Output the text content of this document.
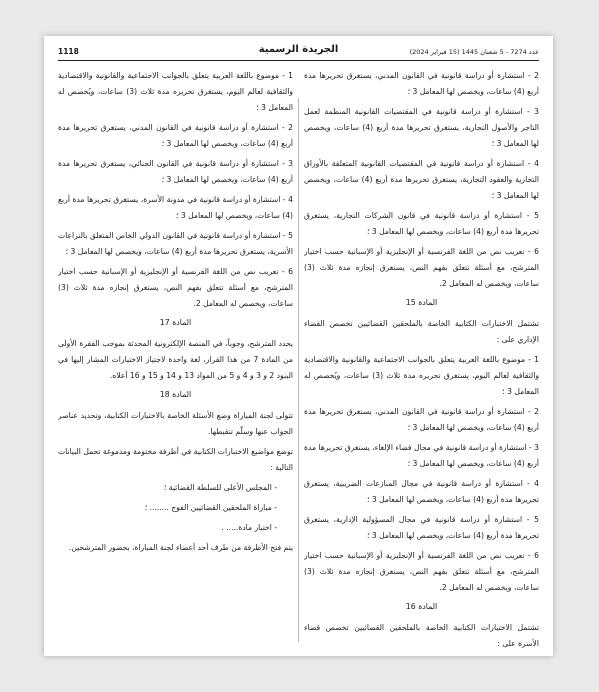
1118	الجريدة الرسمية	عدد 7274 - 5 شعبان 1445 (15 فبراير 2024)
2 - استشارة أو دراسة قانونية في القانون المدني، يستغرق تحريرها مدة أربع (4) ساعات، ويخصص لها المعامل 3 ؛
3 - استشارة أو دراسة قانونية في المقتضيات القانونية المنظمة لعمل التاجر والأصول التجارية، يستغرق تحريرها مدة أربع (4) ساعات، ويخصص لها المعامل 3 ؛
4 - استشارة أو دراسة قانونية في المقتضيات القانونية المتعلقة بالأوراق التجارية والعقود التجارية، يستغرق تحريرها مدة أربع (4) ساعات، ويخصص لها المعامل 3 ؛
5 - استشارة أو دراسة قانونية في قانون الشركات التجارية، يستغرق تحريرها مدة أربع (4) ساعات، ويخصص لها المعامل 3 ؛
6 - تعريب نص من اللغة الفرنسية أو الإنجليزية أو الإسبانية حسب اختيار المترشح، مع أسئلة تتعلق بفهم النص، يستغرق إنجازه مدة ثلاث (3) ساعات، ويخصص له المعامل 2.
المادة 15
تشتمل الاختبارات الكتابية الخاصة بالملحقين القضائيين تخصص القضاء الإداري على :
1 - موضوع باللغة العربية يتعلق بالجوانب الاجتماعية والقانونية والاقتصادية والثقافية لعالم اليوم، يستغرق تحريره مدة ثلاث (3) ساعات، ويُخصص له المعامل 3 ؛
2 - استشارة أو دراسة قانونية في القانون المدني، يستغرق تحريرها مدة أربع (4) ساعات، ويخصص لها المعامل 3 ؛
3 - استشارة أو دراسة قانونية في مجال قضاء الإلغاء، يستغرق تحريرها مدة أربع (4) ساعات، ويخصص لها المعامل 3 ؛
4 - استشارة أو دراسة قانونية في مجال المنازعات الضريبية، يستغرق تحريرها مدة أربع (4) ساعات، ويخصص لها المعامل 3 ؛
5 - استشارة أو دراسة قانونية في مجال المسؤولية الإدارية، يستغرق تحريرها مدة أربع (4) ساعات، ويخصص لها المعامل 3 ؛
6 - تعريب نص من اللغة الفرنسية أو الإنجليزية أو الإسبانية حسب اختيار المترشح، مع أسئلة تتعلق بفهم النص، يستغرق إنجازه مدة ثلاث (3) ساعات، ويخصص له المعامل 2.
المادة 16
تشتمل الاختبارات الكتابية الخاصة بالملحقين القضائيين تخصص قضاء الأسرة على :
1 - موضوع باللغة العربية يتعلق بالجوانب الاجتماعية والقانونية والاقتصادية والثقافية لعالم اليوم، يستغرق تحريره مدة ثلاث (3) ساعات، ويُخصص له المعامل 3 ؛
2 - استشارة أو دراسة قانونية في القانون المدني، يستغرق تحريرها مدة أربع (4) ساعات، ويخصص لها المعامل 3 ؛
3 - استشارة أو دراسة قانونية في القانون الجنائي، يستغرق تحريرها مدة أربع (4) ساعات، ويخصص لها المعامل 3 ؛
4 - استشارة أو دراسة قانونية في مدونة الأسرة، يستغرق تحريرها مدة أربع (4) ساعات، ويخصص لها المعامل 3 ؛
5 - استشارة أو دراسة قانونية في القانون الدولي الخاص المتعلق بالنزاعات الأسرية، يستغرق تحريرها مدة أربع (4) ساعات، ويخصص لها المعامل 3 ؛
6 - تعريب نص من اللغة الفرنسية أو الإنجليزية أو الإسبانية حسب اختيار المترشح، مع أسئلة تتعلق بفهم النص، يستغرق إنجازه مدة ثلاث (3) ساعات، ويخصص له المعامل 2.
المادة 17
يحدد المترشح، وجوباً، في المنصة الإلكترونية المحدثة بموجب الفقرة الأولى من المادة 7 من هذا القرار، لغة واحدة لاجتياز الاختبارات المشار إليها في البنود 2 و 3 و 4 و 5 من المواد 13 و 14 و 15 و 16 أعلاه.
المادة 18
تتولى لجنة المباراة وضع الأسئلة الخاصة بالاختبارات الكتابية، وتحديد عناصر الجواب عنها وسلّم تنقيطها.
توضع مواضيع الاختبارات الكتابية في أظرفة مختومة ومدموغة تحمل البيانات التالية :
- المجلس الأعلى للسلطة القضائية ؛
- مباراة الملحقين القضائيين الفوج ........ ؛
- اختبار مادة..... .
يتم فتح الأظرفة من طرف أحد أعضاء لجنة المباراة، بحضور المترشحين.
